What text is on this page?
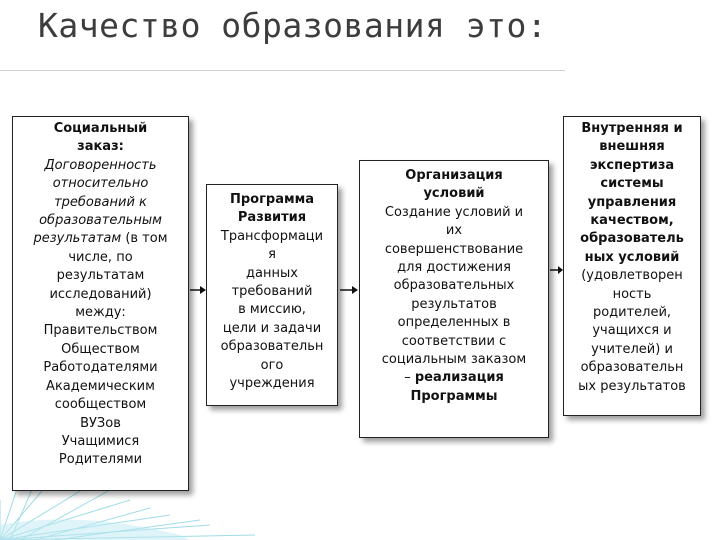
Качество образования это:
Социальный
заказ:
Договоренность
относительно
требований к
образовательным
результатам (в том
числе, по
результатам
исследований)
между:
Правительством
Обществом
Работодателями
Академическим
сообществом
ВУЗов
Учащимися
Родителями
Программа
Развития
Трансформаци
я
данных
требований
в миссию,
цели и задачи
образовательн
ого
учреждения
Организация
условий
Создание условий и
их
совершенствование
для достижения
образовательных
результатов
определенных в
соответствии с
социальным заказом
– реализация
Программы
Внутренняя и
внешняя
экспертиза
системы
управления
качеством,
образователь
ных условий
(удовлетворен
ность
родителей,
учащихся и
учителей) и
образовательн
ых результатов
